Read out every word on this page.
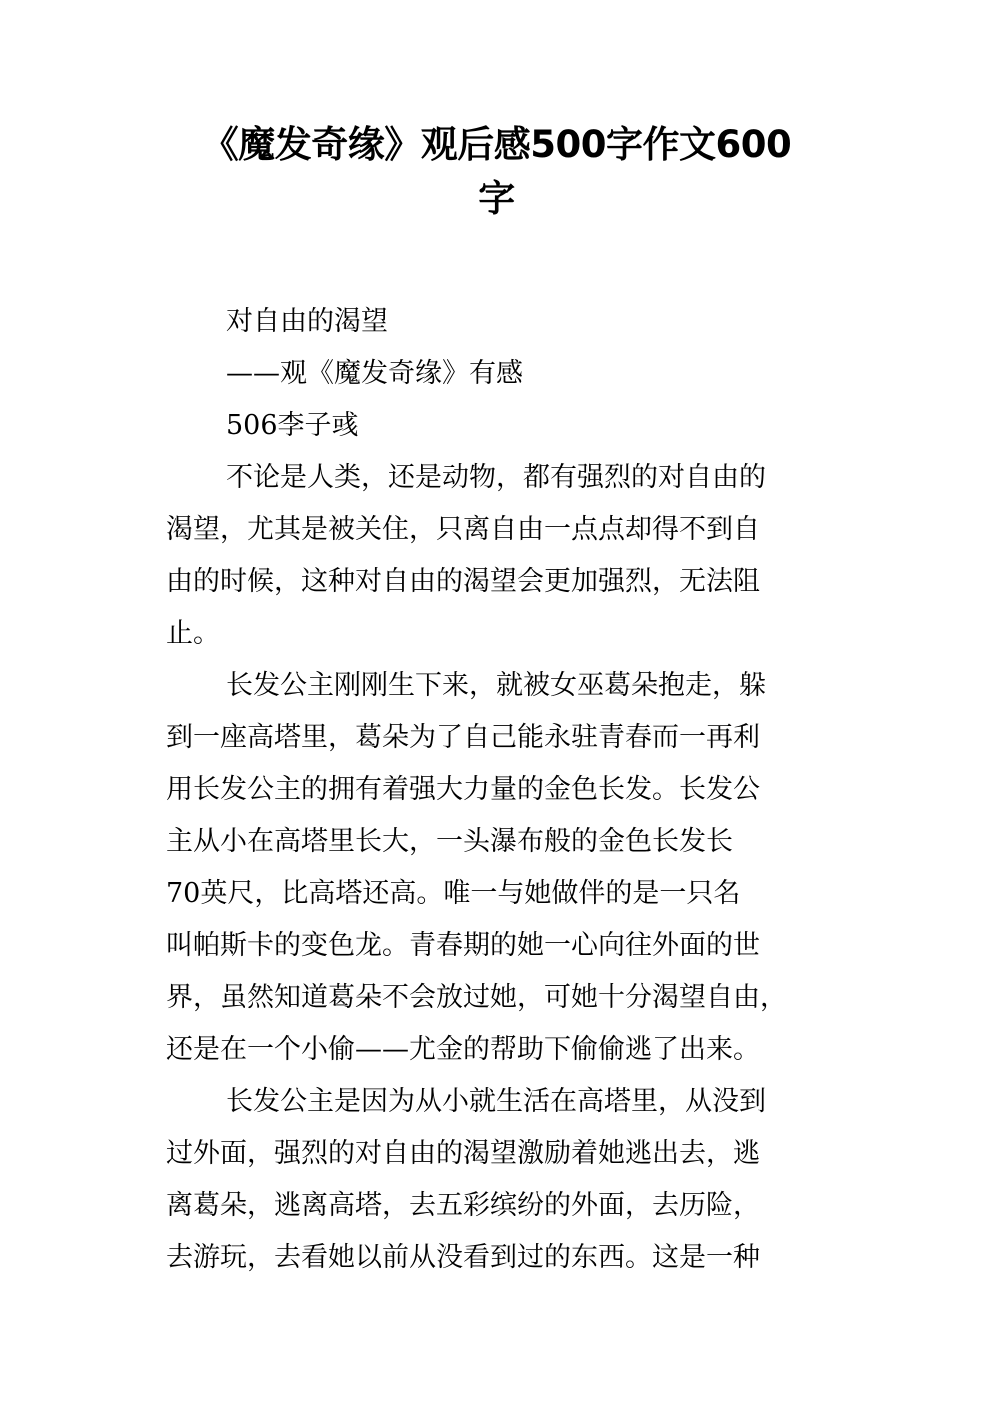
《魔发奇缘》观后感500字作文600
字
对自由的渴望
——观《魔发奇缘》有感
506李子彧
不论是人类，还是动物，都有强烈的对自由的
渴望，尤其是被关住，只离自由一点点却得不到自
由的时候，这种对自由的渴望会更加强烈，无法阻
止。
长发公主刚刚生下来，就被女巫葛朵抱走，躲
到一座高塔里，葛朵为了自己能永驻青春而一再利
用长发公主的拥有着强大力量的金色长发。长发公
主从小在高塔里长大，一头瀑布般的金色长发长
70英尺，比高塔还高。唯一与她做伴的是一只名
叫帕斯卡的变色龙。青春期的她一心向往外面的世
界，虽然知道葛朵不会放过她，可她十分渴望自由，
还是在一个小偷——尤金的帮助下偷偷逃了出来。
长发公主是因为从小就生活在高塔里，从没到
过外面，强烈的对自由的渴望激励着她逃出去，逃
离葛朵，逃离高塔，去五彩缤纷的外面，去历险，
去游玩，去看她以前从没看到过的东西。这是一种
